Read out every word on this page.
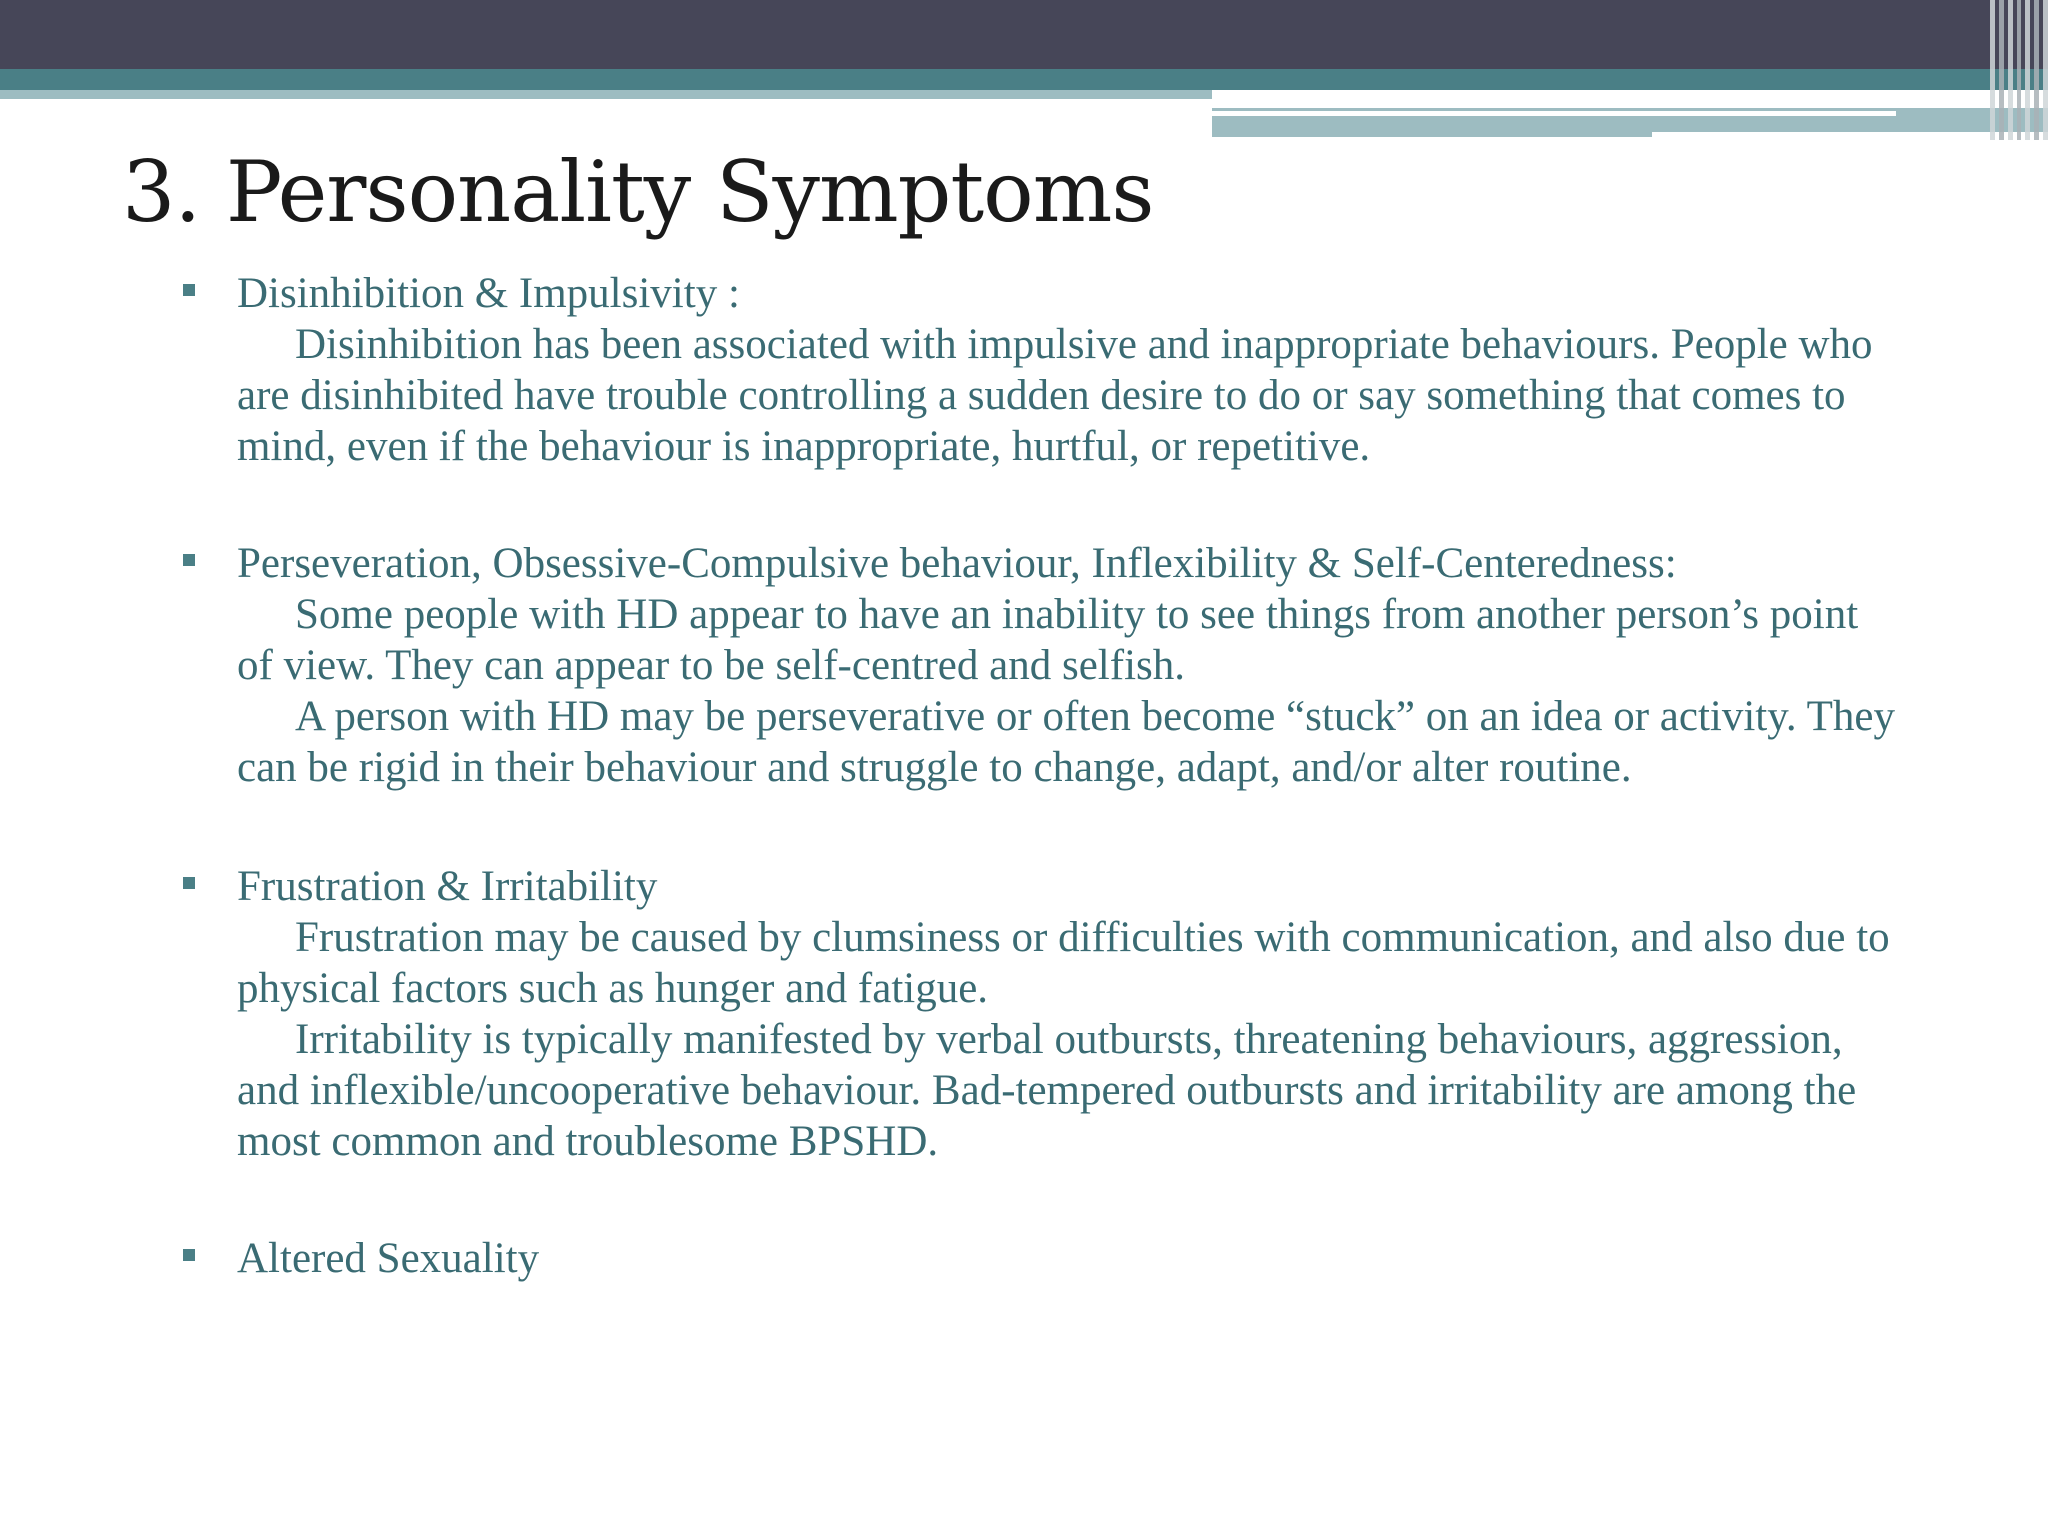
3. Personality Symptoms

Disinhibition & Impulsivity :

Disinhibition has been associated with impulsive and inappropriate behaviours. People who are disinhibited have trouble controlling a sudden desire to do or say something that comes to mind, even if the behaviour is inappropriate, hurtful, or repetitive.

Perseveration, Obsessive-Compulsive behaviour, Inflexibility & Self-Centeredness:

Some people with HD appear to have an inability to see things from another person’s point of view. They can appear to be self-centred and selfish.

A person with HD may be perseverative or often become “stuck” on an idea or activity. They can be rigid in their behaviour and struggle to change, adapt, and/or alter routine.

Frustration & Irritability

Frustration may be caused by clumsiness or difficulties with communication, and also due to physical factors such as hunger and fatigue.

Irritability is typically manifested by verbal outbursts, threatening behaviours, aggression, and inflexible/uncooperative behaviour. Bad-tempered outbursts and irritability are among the most common and troublesome BPSHD.

Altered Sexuality
